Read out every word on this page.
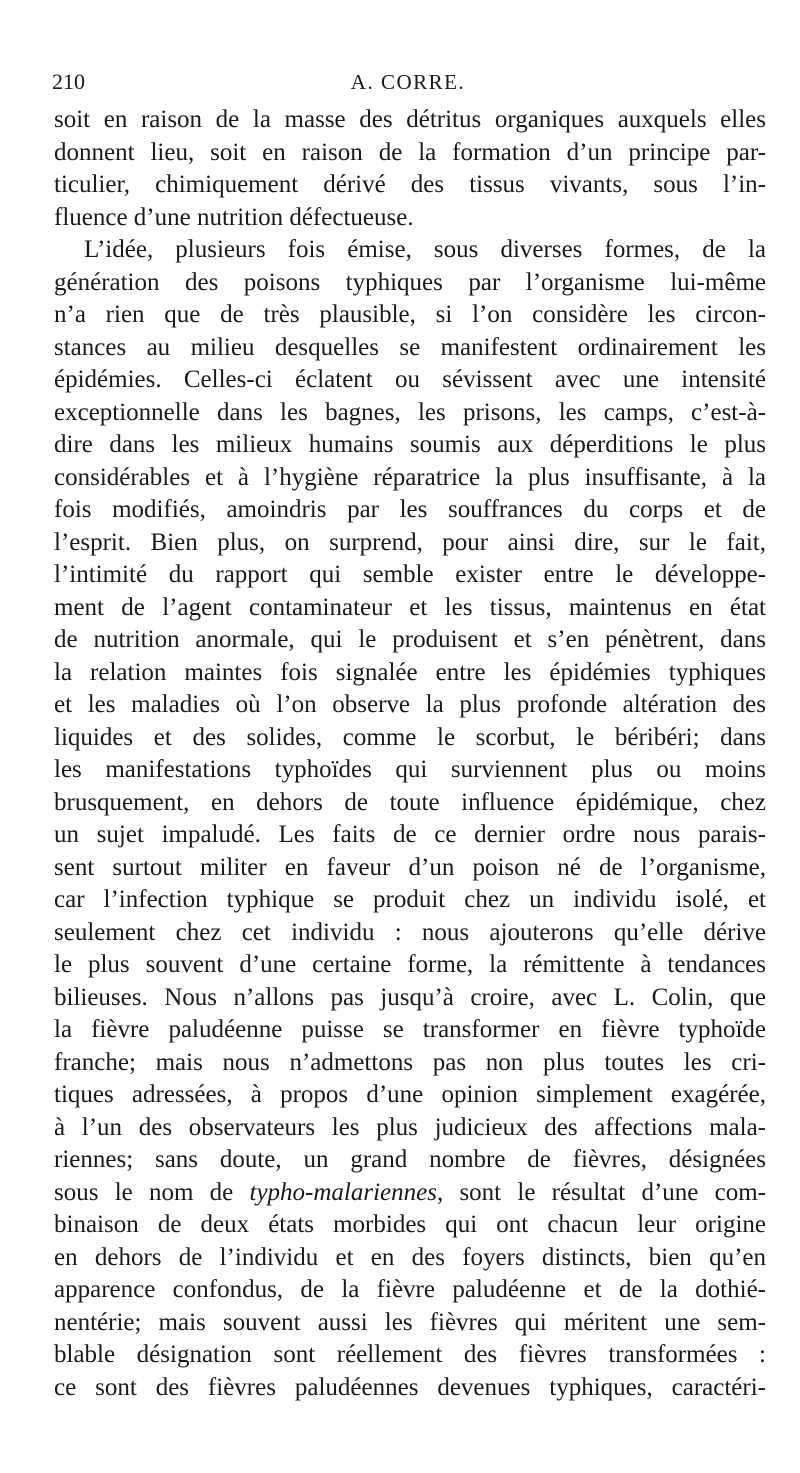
210	A. CORRE.
soit en raison de la masse des détritus organiques auxquels elles
donnent lieu, soit en raison de la formation d’un principe par-
ticulier, chimiquement dérivé des tissus vivants, sous l’in-
fluence d’une nutrition défectueuse.
L’idée, plusieurs fois émise, sous diverses formes, de la
génération des poisons typhiques par l’organisme lui-même
n’a rien que de très plausible, si l’on considère les circon-
stances au milieu desquelles se manifestent ordinairement les
épidémies. Celles-ci éclatent ou sévissent avec une intensité
exceptionnelle dans les bagnes, les prisons, les camps, c’est-à-
dire dans les milieux humains soumis aux déperditions le plus
considérables et à l’hygiène réparatrice la plus insuffisante, à la
fois modifiés, amoindris par les souffrances du corps et de
l’esprit. Bien plus, on surprend, pour ainsi dire, sur le fait,
l’intimité du rapport qui semble exister entre le développe-
ment de l’agent contaminateur et les tissus, maintenus en état
de nutrition anormale, qui le produisent et s’en pénètrent, dans
la relation maintes fois signalée entre les épidémies typhiques
et les maladies où l’on observe la plus profonde altération des
liquides et des solides, comme le scorbut, le béribéri; dans
les manifestations typhoïdes qui surviennent plus ou moins
brusquement, en dehors de toute influence épidémique, chez
un sujet impaludé. Les faits de ce dernier ordre nous parais-
sent surtout militer en faveur d’un poison né de l’organisme,
car l’infection typhique se produit chez un individu isolé, et
seulement chez cet individu : nous ajouterons qu’elle dérive
le plus souvent d’une certaine forme, la rémittente à tendances
bilieuses. Nous n’allons pas jusqu’à croire, avec L. Colin, que
la fièvre paludéenne puisse se transformer en fièvre typhoïde
franche; mais nous n’admettons pas non plus toutes les cri-
tiques adressées, à propos d’une opinion simplement exagérée,
à l’un des observateurs les plus judicieux des affections mala-
riennes; sans doute, un grand nombre de fièvres, désignées
sous le nom de typho-malariennes, sont le résultat d’une com-
binaison de deux états morbides qui ont chacun leur origine
en dehors de l’individu et en des foyers distincts, bien qu’en
apparence confondus, de la fièvre paludéenne et de la dothié-
nentérie; mais souvent aussi les fièvres qui méritent une sem-
blable désignation sont réellement des fièvres transformées :
ce sont des fièvres paludéennes devenues typhiques, caractéri-
